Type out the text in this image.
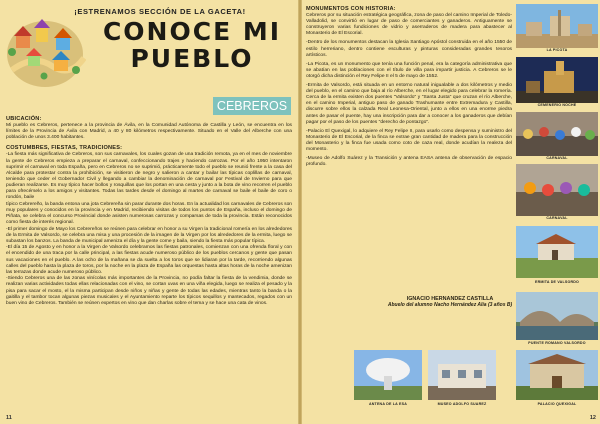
¡ESTRENAMOS SECCIÓN DE LA GACETA!
CONOCE MI
PUEBLO
CEBREROS
UBICACIÓN:

Mi pueblo es Cebreros, pertenece a la provincia de Ávila, en la Comunidad Autónoma de Castilla y León, se encuentra en los límites de la Provincia de Ávila con Madrid, a 40 y 80 kilómetros respectivamente. Situado en el Valle del Alberche con una población de unos 3.400 habitantes.

COSTUMBRES, FIESTAS, TRADICIONES:

-La fiesta más significativa de Cebreros, son sus carnavales, los cuales gozan de una tradición remota, ya en el mes de noviembre la gente de Cebreros empieza a preparar el carnaval, confeccionando trajes y haciendo carrozas. Por el año 1950 intentaron suprimir el carnaval en toda España, pero en Cebreros no se suprimió, prácticamente todo el pueblo se reunió frente a la casa del Alcalde para protestar contra la prohibición, se visitieron de negro y salieron a cantar y bailar las típicas coplillas de carnaval, teniendo que ceder el Gobernador Civil y llegando a cambiar la denominación de carnaval por Festival de Invierno para que pudieran realizarse. Es muy típico hacer bollos y rosquillas que los portan en una cesta y junto a la bota de vino recorren el pueblo para ofrecérselo a los amigos y visitantes. Todas las tardes desde el domingo al martes de carnaval se baile el baile de coro o rondón, baile

típico Cebrereño, la banda entona una jota Cebrereña sin parar durante dos horas. En la actualidad los carnavales de Cebreros son muy populares y conocidos en la provincia y en Madrid, recibiendo visitas de todos los puntos de España, incluso el domingo de Piñata, se celebra el concurso Provincial donde asisten numerosas carrozas y comparsas de toda la provincia. Están reconocidos como fiesta de interés regional.

-El primer domingo de Mayo los Cebrereños se reúnen para celebrar en honor a su Virgen la tradicional romería en los alrededores de la Ermita de Valsordo, se celebra una misa y una procesión de la imagen de la Virgen por los alrededores de la ermita, luego se subastan los banzos. La banda de municipal ameniza el día y la gente come y baila, siendo la fiesta más popular típica.

-El día 15 de Agosto y en honor a la Virgen de Valsordo celebramos las fiestas patronales, comienzan con una ofrenda floral y con el encendido de una traca por la calle principal, a las fiestas acude numeroso público de los pueblos cercanos y gente que pasan sus vacaciones en el pueblo. A las ocho de la mañana se da suelta a los toros que se lidiaran por la tarde, recorriendo algunas calles del pueblo hasta la plaza de toros, por la noche en la plaza de España las orquestas hasta altas horas de la noche amenizan las terrazas donde acude numeroso público.

-Siendo Cebreros una de las zonas vinícolas más importantes de la Provincia, no podía faltar la fiesta de la vendimia, donde se realizan varias actividades todas ellas relacionadas con el vino, se cortan uvas en una viña elegida, luego se realiza el pesado y la pisa para sacar el mosto, el la misma participan desde niños y niñas y gente de todas las edades, mientras tanto la banda o la gaitilla y el tambor tocan algunas piezas musicales y el Ayuntamiento reparte los típicos sequillos y mantecados, regados con un buen vino de Cebreros. También se reúnen expertos en vino que dan charlas sobre el tema y se hace una cata de vinos.

11
MONUMENTOS CON HISTORIA:

Cebreros por su situación estratégica geográfica, zona de paso del camino Imperial de Toledo-Valladolid, se convirtió en lugar de paso de comerciantes y ganaderos. Antiguamente se construyeron varias fundiciones de vidrio y aserraderos de madera para abastecer al Monasterio de El Escorial.

-Dentro de los monumentos destacan la Iglesia Santiago Apóstol construida en el año 1550 de estilo herreriano, dentro contiene esculturas y pinturas consideradas grandes tesoros artísticos.

-La Picota, es un monumento que tenía una función penal, era la categoría administrativa que se abatían en las poblaciones con el título de villa para impartir justicia. A Cebreros se le otorgó dicha distinción el Rey Felipe II el 5 de mayo de 1552.

-Ermita de Valsordo, está situada en un entorno natural inigualable a dos kilómetros y medio del pueblo, en el camino que baja al río Alberche, en el lugar elegido para celebrar la romería. Cerca de la ermita existen dos puentes "Valsordo" y "Santa Justa" que cruzan el río Alberche, en el camino Imperial, antiguo paso de ganado Trashumante entre Extremadura y Castilla, discurre sobre ellos la calzada Real Leonesa-Oriental, junto a ellos en una enorme piedra antes de pasar el puente, hay una inscripción para dar a conocer a los ganaderos que debían pagar por el paso de los puentes "derecho de pontazgo".

-Palacio El Quexigal, lo adquiere el Rey Felipe II, para usarlo como despensa y suministro del Monasterio de El Escorial, de la finca se extrae gran cantidad de madera para la construcción del Monasterio y la finca fue usada como coto de caza real, donde acudían la realeza del momento.

-Museo de Adolfo Suárez y la Transición y antena EASA antena de observación de espacio profundo.

IGNACIO HERNANDEZ CASTILLA
Abuelo del alumno Nacho Hernández Alía (3 años B)
LA PICOTA
CEMENERIO NOCHE
CARNAVAL
CARNAVAL
ERMITA DE VALSORDO
PUENTE ROMANO VALSORDO
ANTENA DE LA ESA	MUSEO ADOLFO SUAREZ	PALACIO QUEXIGAL
12
